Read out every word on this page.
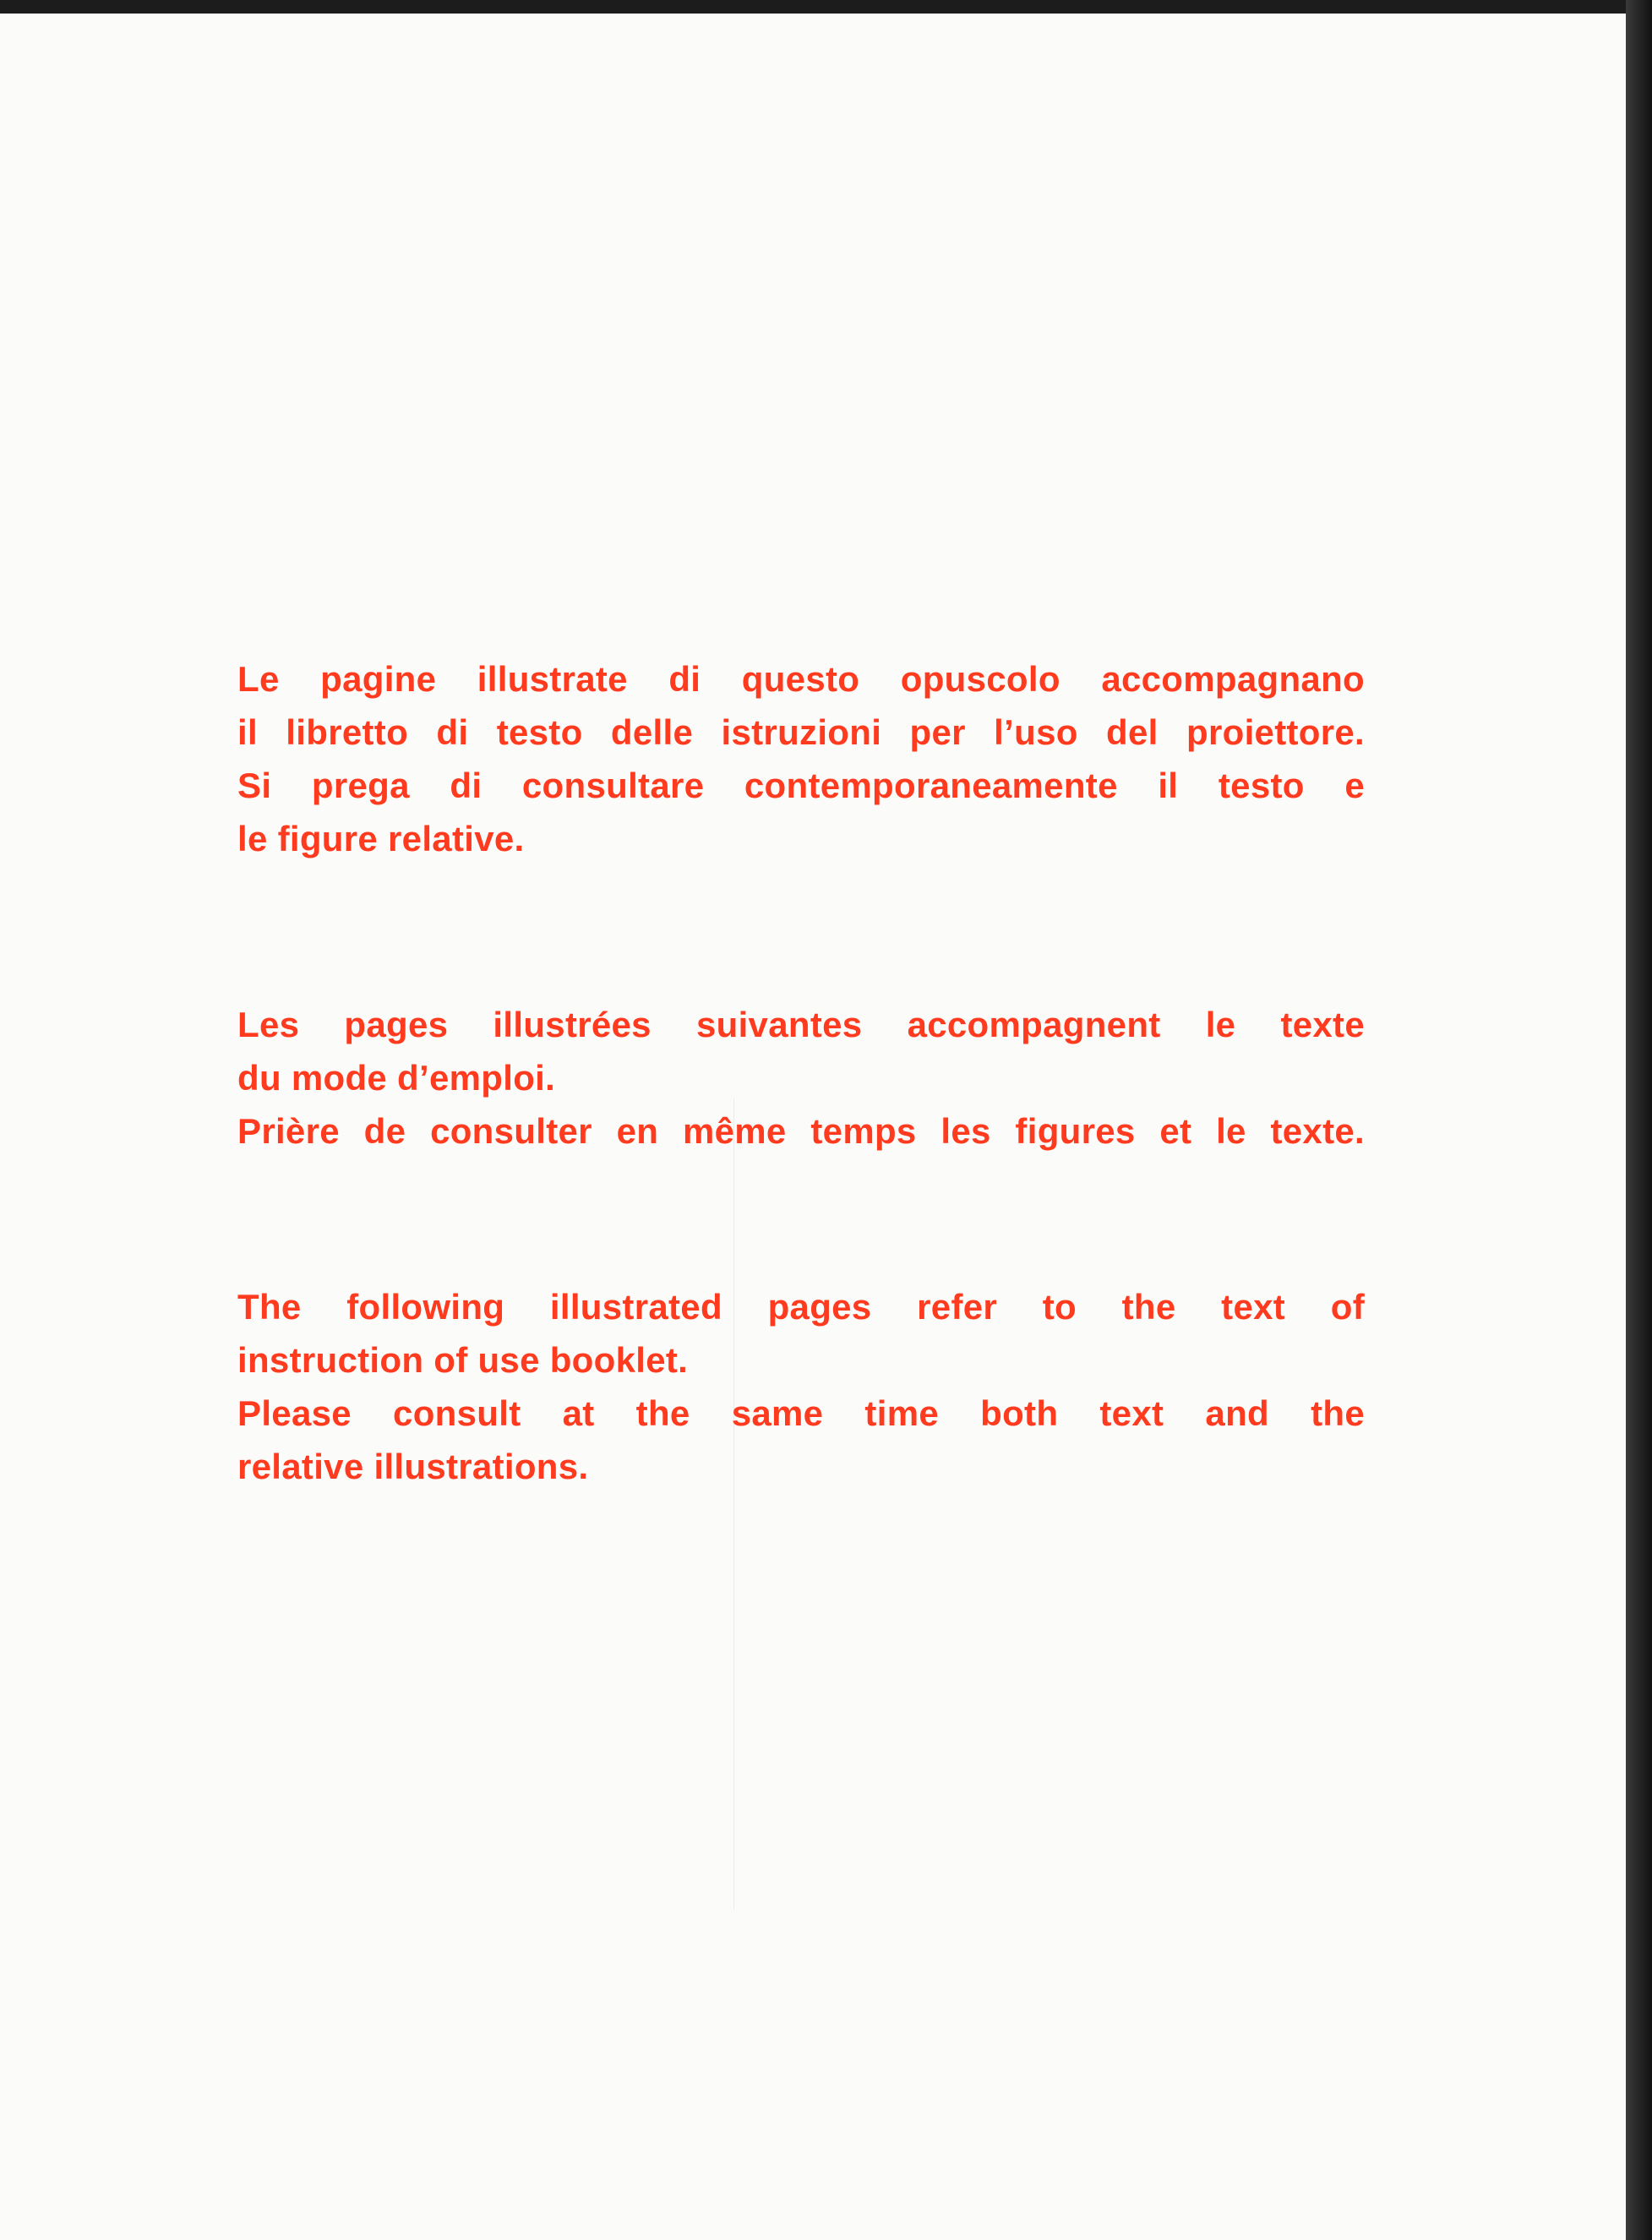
Le pagine illustrate di questo opuscolo accompagnano
il libretto di testo delle istruzioni per l’uso del proiettore.
Si prega di consultare contemporaneamente il testo e
le figure relative.
Les pages illustrées suivantes accompagnent le texte
du mode d’emploi.
Prière de consulter en même temps les figures et le texte.
The following illustrated pages refer to the text of
instruction of use booklet.
Please consult at the same time both text and the
relative illustrations.
